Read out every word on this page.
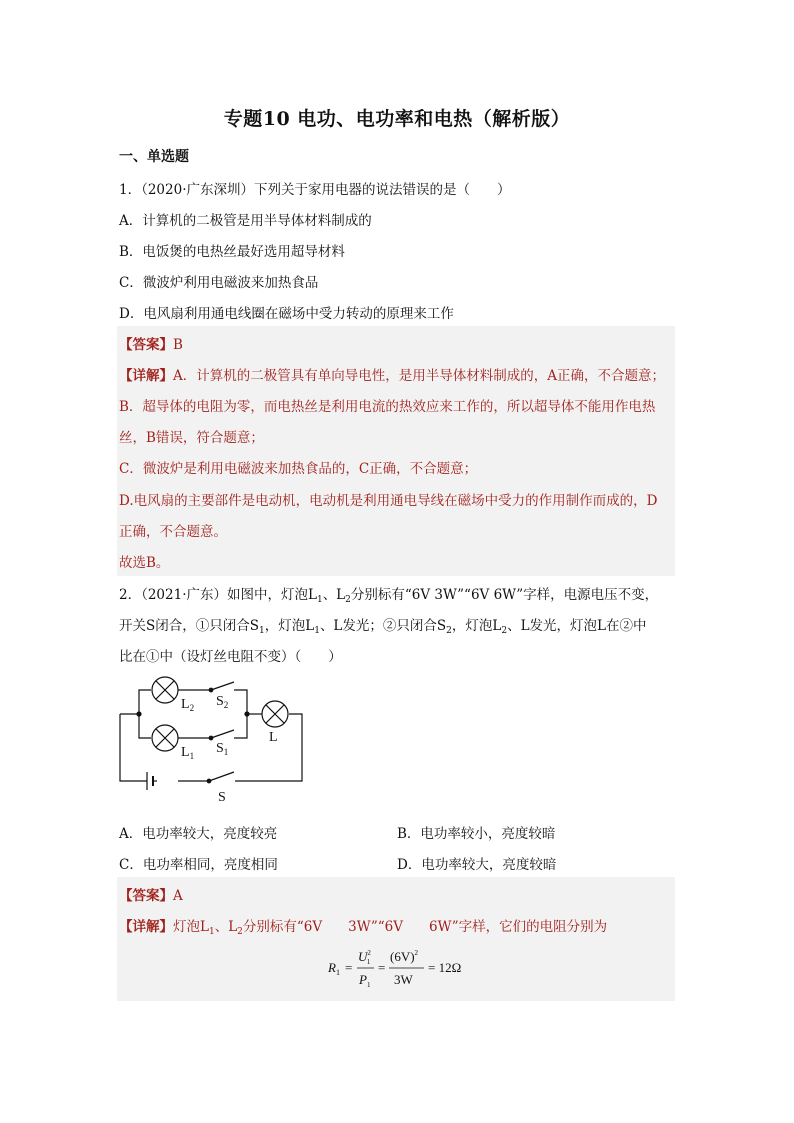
专题10 电功、电功率和电热（解析版）
一、单选题
1．（2020·广东深圳）下列关于家用电器的说法错误的是（　　）
A．计算机的二极管是用半导体材料制成的
B．电饭煲的电热丝最好选用超导材料
C．微波炉利用电磁波来加热食品
D．电风扇利用通电线圈在磁场中受力转动的原理来工作
【答案】B
【详解】A．计算机的二极管具有单向导电性，是用半导体材料制成的，A正确，不合题意；
B．超导体的电阻为零，而电热丝是利用电流的热效应来工作的，所以超导体不能用作电热
丝，B错误，符合题意；
C．微波炉是利用电磁波来加热食品的，C正确，不合题意；
D.电风扇的主要部件是电动机，电动机是利用通电导线在磁场中受力的作用制作而成的，D
正确，不合题意。
故选B。
2．（2021·广东）如图中，灯泡$L_1$、$L_2$分别标有“6V 3W”“6V 6W”字样，电源电压不变，
开关S闭合，①只闭合$S_1$，灯泡$L_1$、L发光；②只闭合$S_2$，灯泡$L_2$、L发光，灯泡L在②中
比在①中（设灯丝电阻不变）（　　）
$L_2$ $S_2$
$L_1$ $S_1$
L
S
A．电功率较大，亮度较亮	B．电功率较小，亮度较暗
C．电功率相同，亮度相同	D．电功率较大，亮度较暗
【答案】A
【详解】灯泡$L_1$、$L_2$分别标有“6V 3W”“6V 6W”字样，它们的电阻分别为
$R_1$ =
$U^2$ 1
$P_1$
=
$(6V)^2$
3W
= 12Ω
